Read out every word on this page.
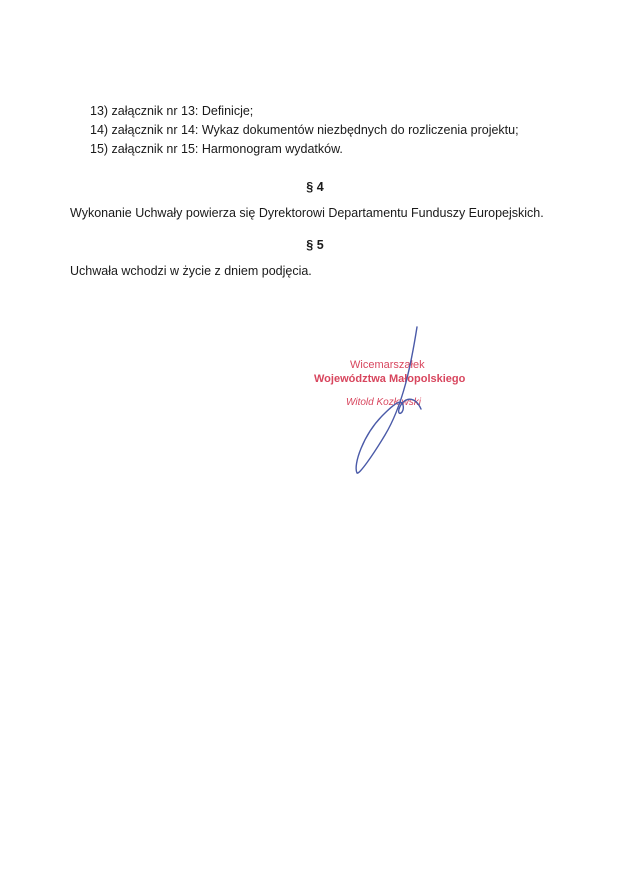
13) załącznik nr 13: Definicje;
14) załącznik nr 14: Wykaz dokumentów niezbędnych do rozliczenia projektu;
15) załącznik nr 15: Harmonogram wydatków.
§ 4
Wykonanie Uchwały powierza się Dyrektorowi Departamentu Funduszy Europejskich.
§ 5
Uchwała wchodzi w życie z dniem podjęcia.
Wicemarszałek
Województwa Małopolskiego
Witold Kozłowski
